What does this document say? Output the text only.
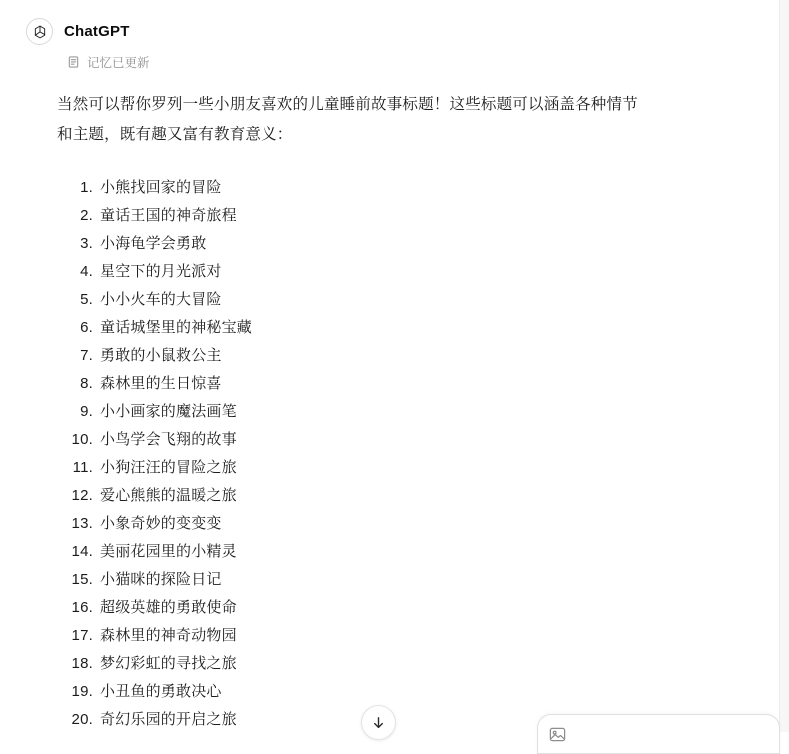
ChatGPT
记忆已更新
当然可以帮你罗列一些小朋友喜欢的儿童睡前故事标题！这些标题可以涵盖各种情节和主题，既有趣又富有教育意义：
小熊找回家的冒险
童话王国的神奇旅程
小海龟学会勇敢
星空下的月光派对
小小火车的大冒险
童话城堡里的神秘宝藏
勇敢的小鼠救公主
森林里的生日惊喜
小小画家的魔法画笔
小鸟学会飞翔的故事
小狗汪汪的冒险之旅
爱心熊熊的温暖之旅
小象奇妙的变变变
美丽花园里的小精灵
小猫咪的探险日记
超级英雄的勇敢使命
森林里的神奇动物园
梦幻彩虹的寻找之旅
小丑鱼的勇敢决心
奇幻乐园的开启之旅
